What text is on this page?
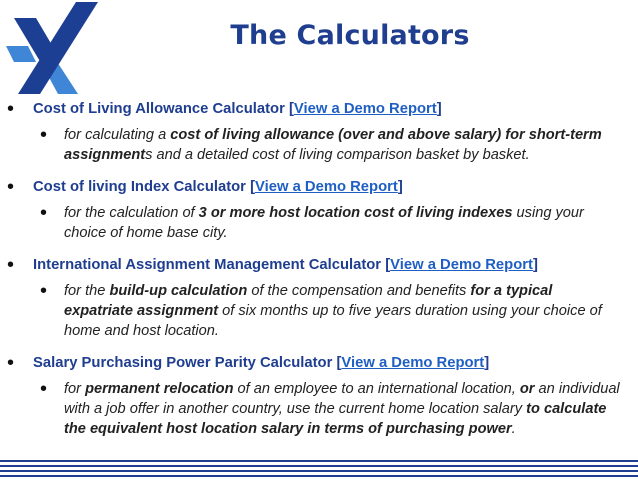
The Calculators
• Cost of Living Allowance Calculator [View a Demo Report]
• for calculating a cost of living allowance (over and above salary) for short-term assignments and a detailed cost of living comparison basket by basket.
• Cost of living Index Calculator [View a Demo Report]
• for the calculation of 3 or more host location cost of living indexes using your choice of home base city.
• International Assignment Management Calculator [View a Demo Report]
• for the build-up calculation of the compensation and benefits for a typical expatriate assignment of six months up to five years duration using your choice of home and host location.
• Salary Purchasing Power Parity Calculator [View a Demo Report]
• for permanent relocation of an employee to an international location, or an individual with a job offer in another country, use the current home location salary to calculate the equivalent host location salary in terms of purchasing power.
